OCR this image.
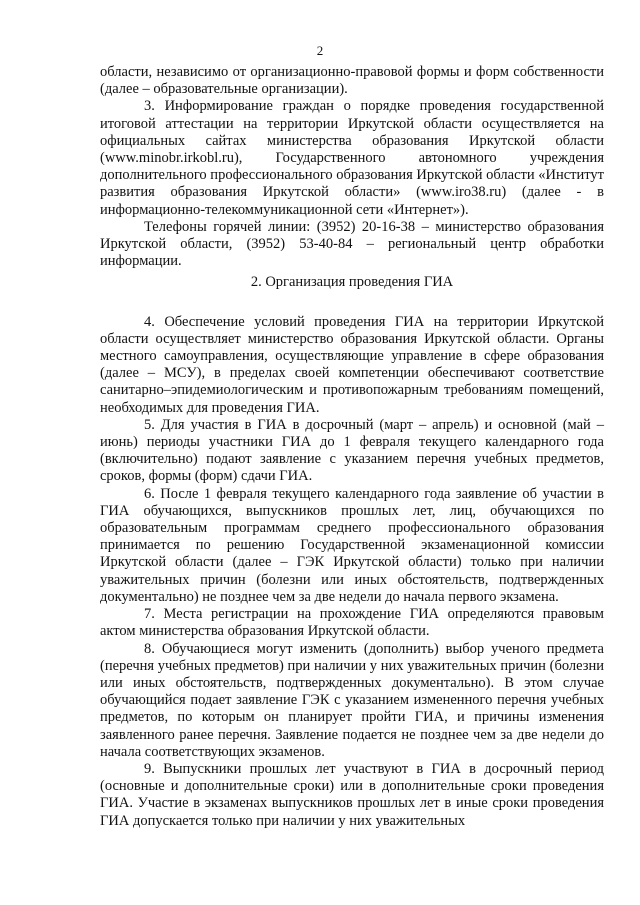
2

области, независимо от организационно-правовой формы и форм собственности (далее – образовательные организации).

3. Информирование граждан о порядке проведения государственной итоговой аттестации на территории Иркутской области осуществляется на официальных сайтах министерства образования Иркутской области (www.minobr.irkobl.ru), Государственного автономного учреждения дополнительного профессионального образования Иркутской области «Институт развития образования Иркутской области» (www.iro38.ru) (далее - в информационно-телекоммуникационной сети «Интернет»).

Телефоны горячей линии: (3952) 20-16-38 – министерство образования Иркутской области, (3952) 53-40-84 – региональный центр обработки информации.

2. Организация проведения ГИА

4. Обеспечение условий проведения ГИА на территории Иркутской области осуществляет министерство образования Иркутской области. Органы местного самоуправления, осуществляющие управление в сфере образования (далее – МСУ), в пределах своей компетенции обеспечивают соответствие санитарно–эпидемиологическим и противопожарным требованиям помещений, необходимых для проведения ГИА.

5. Для участия в ГИА в досрочный (март – апрель) и основной (май – июнь) периоды участники ГИА до 1 февраля текущего календарного года (включительно) подают заявление с указанием перечня учебных предметов, сроков, формы (форм) сдачи ГИА.

6. После 1 февраля текущего календарного года заявление об участии в ГИА обучающихся, выпускников прошлых лет, лиц, обучающихся по образовательным программам среднего профессионального образования принимается по решению Государственной экзаменационной комиссии Иркутской области (далее – ГЭК Иркутской области) только при наличии уважительных причин (болезни или иных обстоятельств, подтвержденных документально) не позднее чем за две недели до начала первого экзамена.

7. Места регистрации на прохождение ГИА определяются правовым актом министерства образования Иркутской области.

8. Обучающиеся могут изменить (дополнить) выбор ученого предмета (перечня учебных предметов) при наличии у них уважительных причин (болезни или иных обстоятельств, подтвержденных документально). В этом случае обучающийся подает заявление ГЭК с указанием измененного перечня учебных предметов, по которым он планирует пройти ГИА, и причины изменения заявленного ранее перечня. Заявление подается не позднее чем за две недели до начала соответствующих экзаменов.

9. Выпускники прошлых лет участвуют в ГИА в досрочный период (основные и дополнительные сроки) или в дополнительные сроки проведения ГИА. Участие в экзаменах выпускников прошлых лет в иные сроки проведения ГИА допускается только при наличии у них уважительных
